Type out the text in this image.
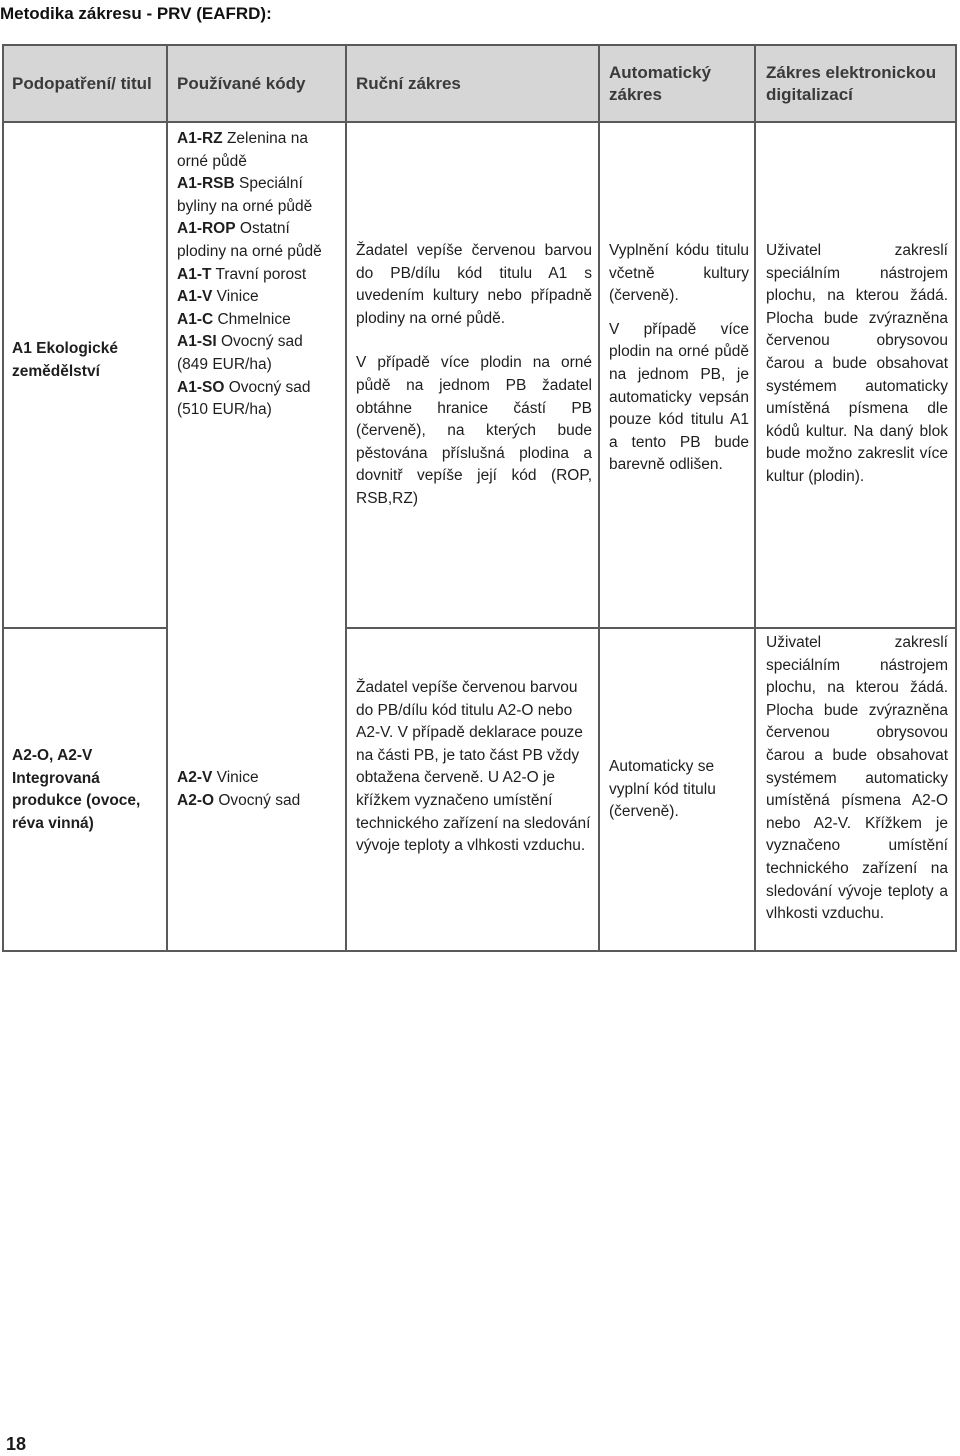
Metodika zákresu - PRV (EAFRD):
Podopatření/ titul	Používané kódy	Ruční zákres
Automatický zákres
Zákres elektronickou digitalizací
A1 Ekologické zemědělství

A1-RZ Zelenina na orné půdě

A1-RSB Speciální byliny na orné půdě

A1-ROP Ostatní plodiny na orné půdě

A1-T Travní porost

A1-V Vinice

A1-C Chmelnice

A1-SI Ovocný sad (849 EUR/ha)

A1-SO Ovocný sad (510 EUR/ha)

Žadatel vepíše červenou barvou do PB/dílu kód titulu A1 s uvedením kultury nebo případně plodiny na orné půdě.

V případě více plodin na orné půdě na jednom PB žadatel obtáhne hranice částí PB (červeně), na kterých bude pěstována příslušná plodina a dovnitř vepíše její kód (ROP, RSB,RZ)

Vyplnění kódu titulu včetně kultury (červeně).

V případě více plodin na orné půdě na jednom PB, je automaticky vepsán pouze kód titulu A1 a tento PB bude barevně odlišen.

Uživatel zakreslí speciálním nástrojem plochu, na kterou žádá. Plocha bude zvýrazněna červenou obrysovou čarou a bude obsahovat systémem automaticky umístěná písmena dle kódů kultur. Na daný blok bude možno zakreslit více kultur (plodin).
A2-O, A2-V Integrovaná produkce (ovoce, réva vinná)

A2-V Vinice

A2-O Ovocný sad

Žadatel vepíše červenou barvou do PB/dílu kód titulu A2-O nebo A2-V. V případě deklarace pouze na části PB, je tato část PB vždy obtažena červeně. U A2-O je křížkem vyznačeno umístění technického zařízení na sledování vývoje teploty a vlhkosti vzduchu.
Automaticky se vyplní kód titulu (červeně).
Uživatel zakreslí speciálním nástrojem plochu, na kterou žádá. Plocha bude zvýrazněna červenou obrysovou čarou a bude obsahovat systémem automaticky umístěná písmena A2-O nebo A2-V. Křížkem je vyznačeno umístění technického zařízení na sledování vývoje teploty a vlhkosti vzduchu.
18
